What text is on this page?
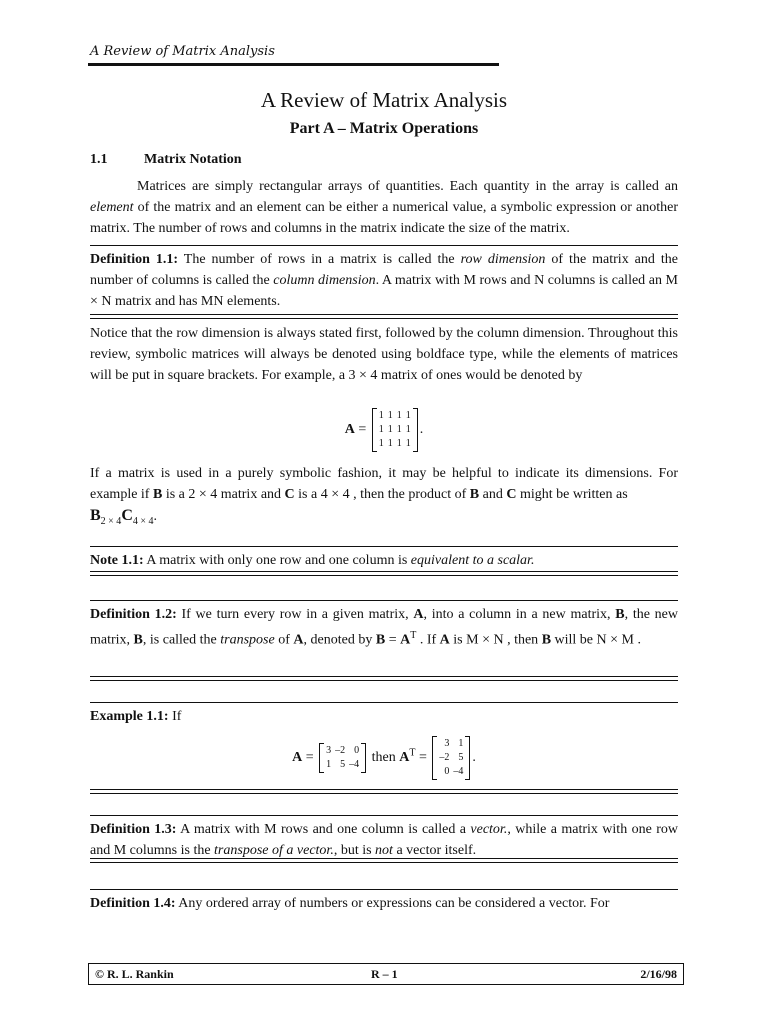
A Review of Matrix Analysis
A Review of Matrix Analysis
Part A – Matrix Operations
1.1	Matrix Notation
Matrices are simply rectangular arrays of quantities. Each quantity in the array is called an element of the matrix and an element can be either a numerical value, a symbolic expression or another matrix. The number of rows and columns in the matrix indicate the size of the matrix.
Definition 1.1: The number of rows in a matrix is called the row dimension of the matrix and the number of columns is called the column dimension. A matrix with M rows and N columns is called an M × N matrix and has MN elements.
Notice that the row dimension is always stated first, followed by the column dimension. Throughout this review, symbolic matrices will always be denoted using boldface type, while the elements of matrices will be put in square brackets. For example, a 3 × 4 matrix of ones would be denoted by
A =
1	1	1	1
1	1	1	1
1	1	1	1
.
If a matrix is used in a purely symbolic fashion, it may be helpful to indicate its dimensions. For example if B is a 2 × 4 matrix and C is a 4 × 4 , then the product of B and C might be written as
$B_{2 \times 4}C_{4 \times 4}$.
Note 1.1: A matrix with only one row and one column is equivalent to a scalar.
Definition 1.2: If we turn every row in a given matrix, A, into a column in a new matrix, B, the new matrix, B, is called the transpose of A, denoted by $B = A^T$ . If A is M × N , then B will be N × M .
Example 1.1: If
A = 3	–2	0
1	5	–4 then $A^T$ =
3	1
–2	5
0	–4
.
Definition 1.3: A matrix with M rows and one column is called a vector., while a matrix with one row and M columns is the transpose of a vector., but is not a vector itself.
Definition 1.4: Any ordered array of numbers or expressions can be considered a vector. For
© R. L. Rankin	R – 1	2/16/98
